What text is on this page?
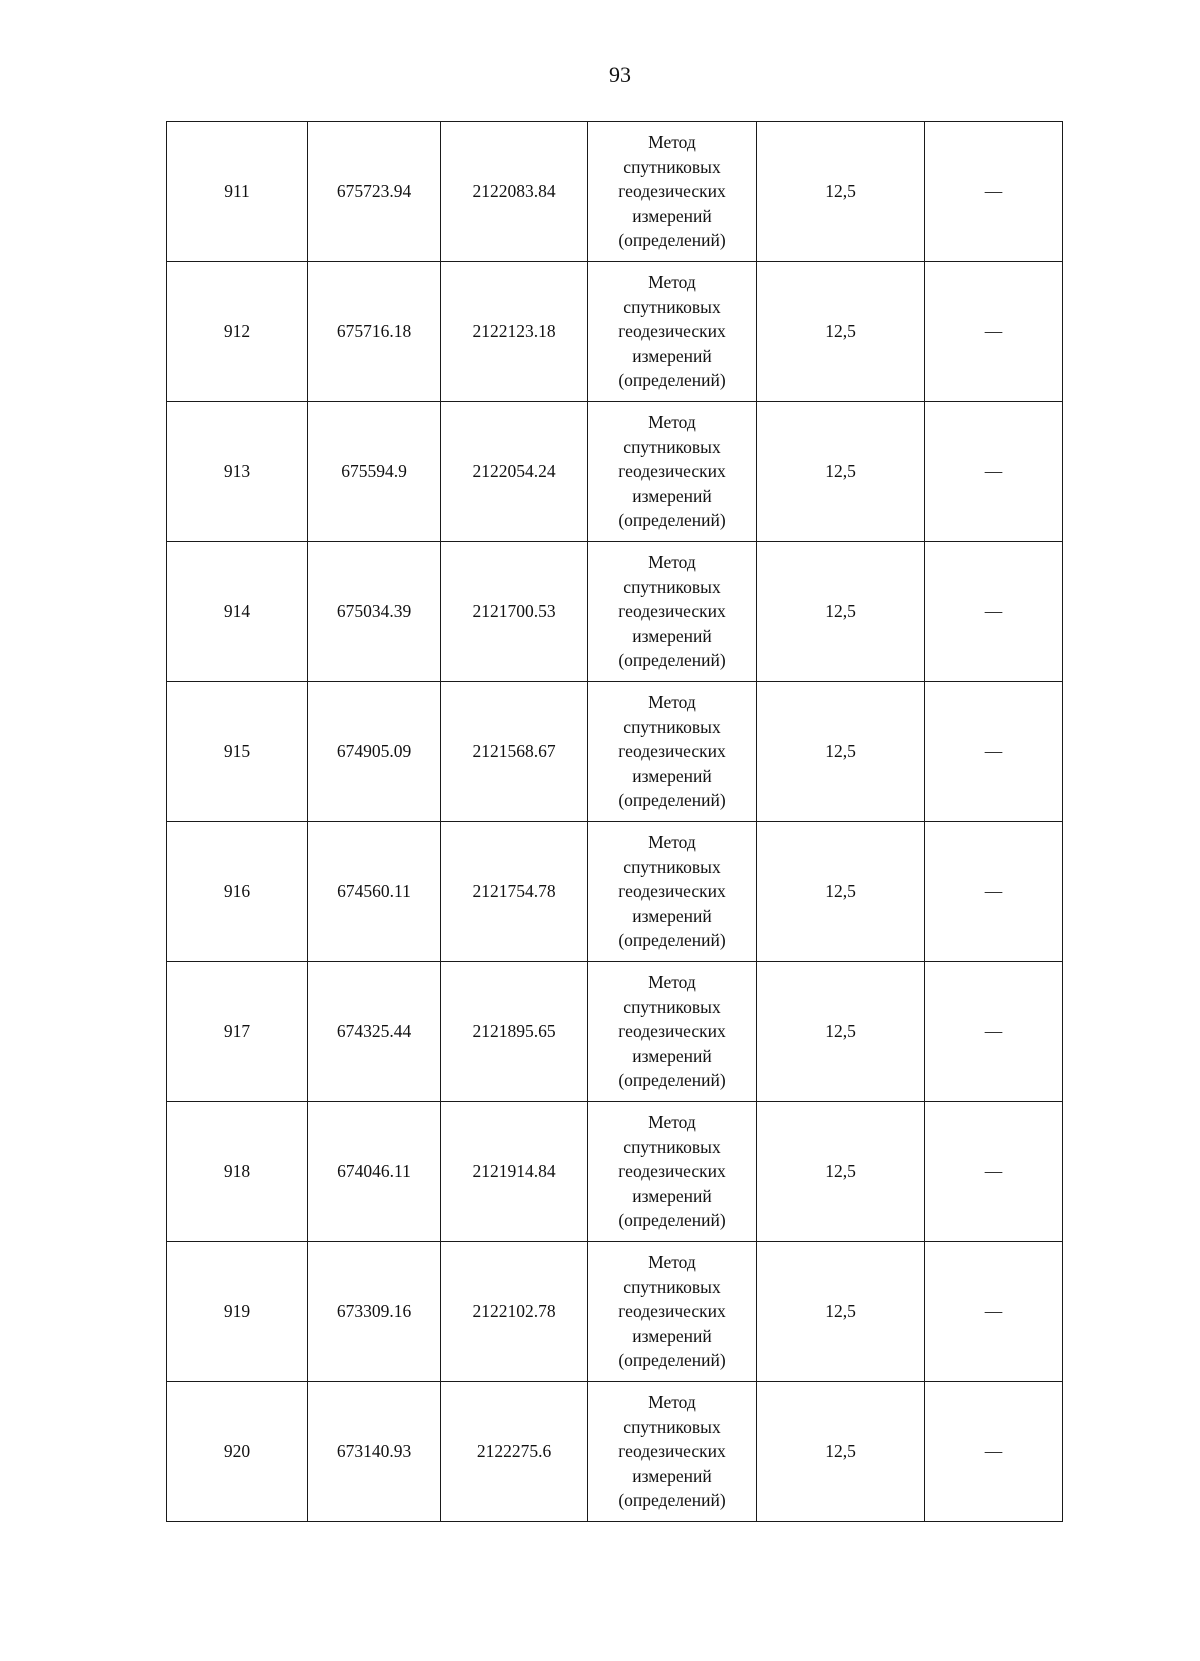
93
911	675723.94	2122083.84	Метод
спутниковых
геодезических
измерений
(определений)	12,5	—
912	675716.18	2122123.18	Метод
спутниковых
геодезических
измерений
(определений)	12,5	—
913	675594.9	2122054.24	Метод
спутниковых
геодезических
измерений
(определений)	12,5	—
914	675034.39	2121700.53	Метод
спутниковых
геодезических
измерений
(определений)	12,5	—
915	674905.09	2121568.67	Метод
спутниковых
геодезических
измерений
(определений)	12,5	—
916	674560.11	2121754.78	Метод
спутниковых
геодезических
измерений
(определений)	12,5	—
917	674325.44	2121895.65	Метод
спутниковых
геодезических
измерений
(определений)	12,5	—
918	674046.11	2121914.84	Метод
спутниковых
геодезических
измерений
(определений)	12,5	—
919	673309.16	2122102.78	Метод
спутниковых
геодезических
измерений
(определений)	12,5	—
920	673140.93	2122275.6	Метод
спутниковых
геодезических
измерений
(определений)	12,5	—
